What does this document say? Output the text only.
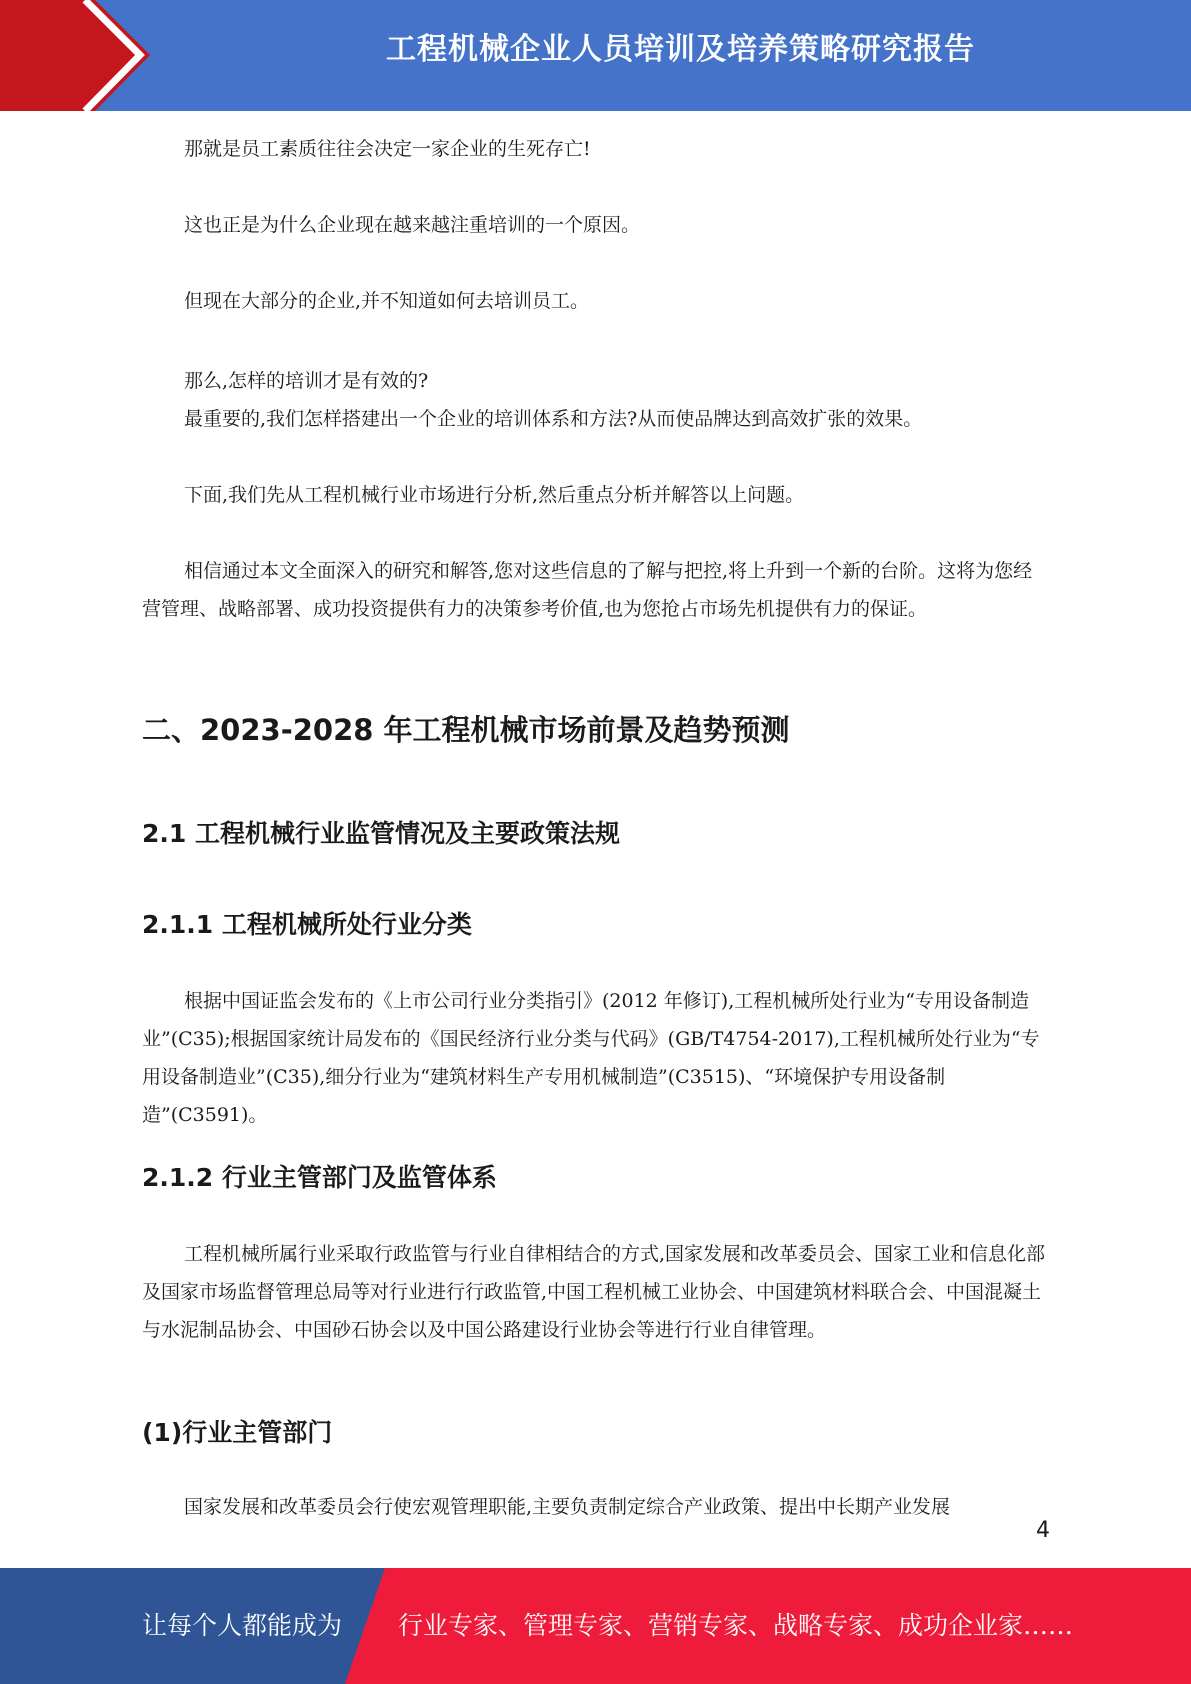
工程机械企业人员培训及培养策略研究报告

那就是员工素质往往会决定一家企业的生死存亡!

这也正是为什么企业现在越来越注重培训的一个原因。

但现在大部分的企业,并不知道如何去培训员工。

那么,怎样的培训才是有效的?

最重要的,我们怎样搭建出一个企业的培训体系和方法?从而使品牌达到高效扩张的效果。

下面,我们先从工程机械行业市场进行分析,然后重点分析并解答以上问题。

相信通过本文全面深入的研究和解答,您对这些信息的了解与把控,将上升到一个新的台阶。这将为您经营管理、战略部署、成功投资提供有力的决策参考价值,也为您抢占市场先机提供有力的保证。

二、2023-2028 年工程机械市场前景及趋势预测
2.1 工程机械行业监管情况及主要政策法规
2.1.1 工程机械所处行业分类

根据中国证监会发布的《上市公司行业分类指引》(2012 年修订),工程机械所处行业为“专用设备制造业”(C35);根据国家统计局发布的《国民经济行业分类与代码》(GB/T4754-2017),工程机械所处行业为“专用设备制造业”(C35),细分行业为“建筑材料生产专用机械制造”(C3515)、“环境保护专用设备制造”(C3591)。

2.1.2 行业主管部门及监管体系

工程机械所属行业采取行政监管与行业自律相结合的方式,国家发展和改革委员会、国家工业和信息化部及国家市场监督管理总局等对行业进行行政监管,中国工程机械工业协会、中国建筑材料联合会、中国混凝土与水泥制品协会、中国砂石协会以及中国公路建设行业协会等进行行业自律管理。

(1)行业主管部门

国家发展和改革委员会行使宏观管理职能,主要负责制定综合产业政策、提出中长期产业发展

4
让每个人都能成为 行业专家、管理专家、营销专家、战略专家、成功企业家……
